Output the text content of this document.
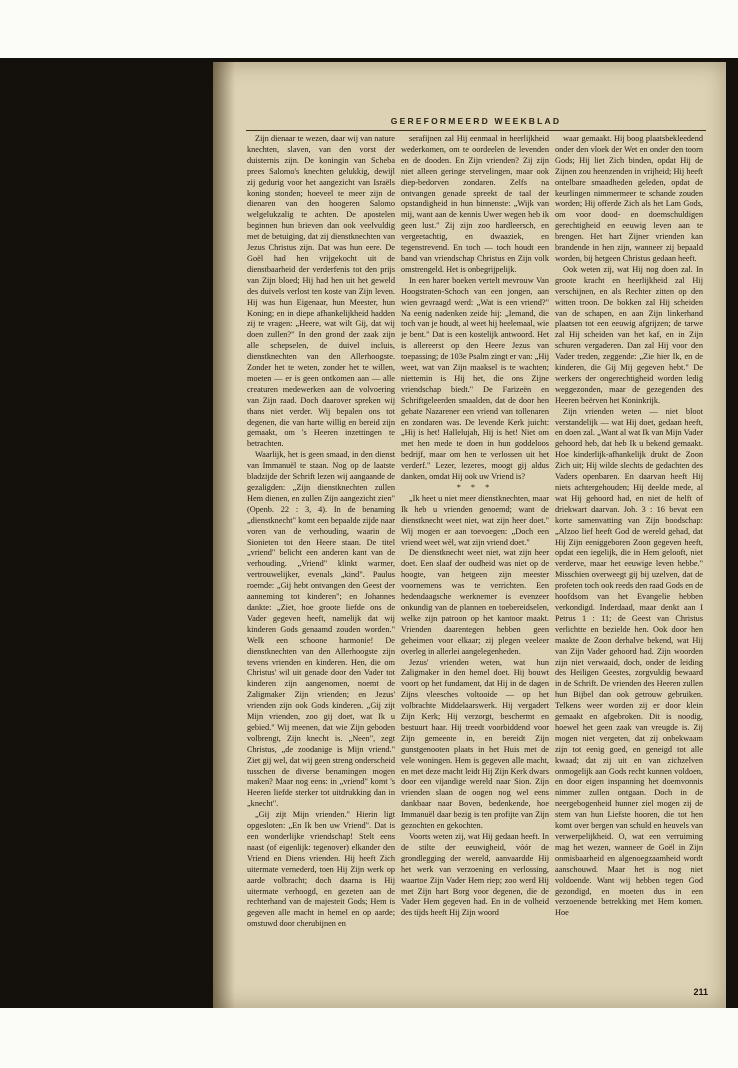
GEREFORMEERD WEEKBLAD

Zijn dienaar te wezen, daar wij van nature knechten, slaven, van den vorst der duisternis zijn. De koningin van Scheba prees Salomo's knechten gelukkig, dewijl zij gedurig voor het aangezicht van Israëls koning stonden; hoeveel te meer zijn de dienaren van den hoogeren Salomo welgelukzalig te achten. De apostelen beginnen hun brieven dan ook veelvuldig met de betuiging, dat zij dienstknechten van Jezus Christus zijn. Dat was hun eere. De Goël had hen vrijgekocht uit de dienstbaarheid der verderfenis tot den prijs van Zijn bloed; Hij had hen uit het geweld des duivels verlost ten koste van Zijn leven. Hij was hun Eigenaar, hun Meester, hun Koning; en in diepe afhankelijkheid hadden zij te vragen: „Heere, wat wilt Gij, dat wij doen zullen?" In den grond der zaak zijn alle schepselen, de duivel incluis, dienstknechten van den Allerhoogste. Zonder het te weten, zonder het te willen, moeten — er is geen ontkomen aan — alle creaturen medewerken aan de volvoering van Zijn raad. Doch daarover spreken wij thans niet verder. Wij bepalen ons tot degenen, die van harte willig en bereid zijn gemaakt, om 's Heeren inzettingen te betrachten.

Waarlijk, het is geen smaad, in den dienst van Immanuël te staan. Nog op de laatste bladzijde der Schrift lezen wij aangaande de gezaligden: „Zijn dienstknechten zullen Hem dienen, en zullen Zijn aangezicht zien" (Openb. 22 : 3, 4). In de benaming „dienstknecht" komt een bepaalde zijde naar voren van de verhouding, waarin de Sionieten tot den Heere staan. De titel „vriend" belicht een anderen kant van de verhouding. „Vriend" klinkt warmer, vertrouwelijker, evenals „kind". Paulus roemde: „Gij hebt ontvangen den Geest der aanneming tot kinderen"; en Johannes dankte: „Ziet, hoe groote liefde ons de Vader gegeven heeft, namelijk dat wij kinderen Gods genaamd zouden worden." Welk een schoone harmonie! De dienstknechten van den Allerhoogste zijn tevens vrienden en kinderen. Hen, die om Christus' wil uit genade door den Vader tot kinderen zijn aangenomen, noemt de Zaligmaker Zijn vrienden; en Jezus' vrienden zijn ook Gods kinderen. „Gij zijt Mijn vrienden, zoo gij doet, wat Ik u gebied." Wij meenen, dat wie Zijn geboden volbrengt, Zijn knecht is. „Neen", zegt Christus, „de zoodanige is Mijn vriend." Ziet gij wel, dat wij geen streng onderscheid tusschen de diverse benamingen mogen maken? Maar nog eens: in „vriend" komt 's Heeren liefde sterker tot uitdrukking dan in „knecht".

„Gij zijt Mijn vrienden." Hierin ligt opgesloten: „En Ik ben uw Vriend". Dat is een wonderlijke vriendschap! Stelt eens naast (of eigenlijk: tegenover) elkander den Vriend en Diens vrienden. Hij heeft Zich uitermate vernederd, toen Hij Zijn werk op aarde volbracht; doch daarna is Hij uitermate verhoogd, en gezeten aan de rechterhand van de majesteit Gods; Hem is gegeven alle macht in hemel en op aarde; omstuwd door cherubijnen en

serafijnen zal Hij eenmaal in heerlijkheid wederkomen, om te oordeelen de levenden en de dooden. En Zijn vrienden? Zij zijn niet alleen geringe stervelingen, maar ook diep-bedorven zondaren. Zelfs na ontvangen genade spreekt de taal der opstandigheid in hun binnenste: „Wijk van mij, want aan de kennis Uwer wegen heb ik geen lust." Zij zijn zoo hardleersch, en vergeetachtig, en dwaaziek, en tegenstrevend. En toch — toch houdt een band van vriendschap Christus en Zijn volk omstrengeld. Het is onbegrijpelijk.

In een harer boeken vertelt mevrouw Van Hoogstraten-Schoch van een jongen, aan wien gevraagd werd: „Wat is een vriend?" Na eenig nadenken zeide hij: „Iemand, die toch van je houdt, al weet hij heelemaal, wie je bent." Dat is een kostelijk antwoord. Het is allereerst op den Heere Jezus van toepassing; de 103e Psalm zingt er van: „Hij weet, wat van Zijn maaksel is te wachten; niettemin is Hij het, die ons Zijne vriendschap biedt." De Farizeën en Schriftgeleerden smaalden, dat de door hen gehate Nazarener een vriend van tollenaren en zondaren was. De levende Kerk juicht: „Hij is het! Hallelujah, Hij is het! Niet om met hen mede te doen in hun goddeloos bedrijf, maar om hen te verlossen uit het verderf." Lezer, lezeres, moogt gij aldus danken, omdat Hij ook uw Vriend is?

* * *

„Ik heet u niet meer dienstknechten, maar Ik heb u vrienden genoemd; want de dienstknecht weet niet, wat zijn heer doet." Wij mogen er aan toevoegen: „Doch een vriend weet wèl, wat zijn vriend doet."

De dienstknecht weet niet, wat zijn heer doet. Een slaaf der oudheid was niet op de hoogte, van hetgeen zijn meester voornemens was te verrichten. Een hedendaagsche werknemer is evenzeer onkundig van de plannen en toebereidselen, welke zijn patroon op het kantoor maakt. Vrienden daarentegen hebben geen geheimen voor elkaar; zij plegen veeleer overleg in allerlei aangelegenheden.

Jezus' vrienden weten, wat hun Zaligmaker in den hemel doet. Hij bouwt voort op het fundament, dat Hij in de dagen Zijns vleesches voltooide — op het volbrachte Middelaarswerk. Hij vergadert Zijn Kerk; Hij verzorgt, beschermt en bestuurt haar. Hij treedt voorbiddend voor Zijn gemeente in, en bereidt Zijn gunstgenooten plaats in het Huis met de vele woningen. Hem is gegeven alle macht, en met deze macht leidt Hij Zijn Kerk dwars door een vijandige wereld naar Sion. Zijn vrienden slaan de oogen nog wel eens dankbaar naar Boven, bedenkende, hoe Immanuël daar bezig is ten profijte van Zijn gezochten en gekochten.

Voorts weten zij, wat Hij gedaan heeft. In de stilte der eeuwigheid, vóór de grondlegging der wereld, aanvaardde Hij het werk van verzoening en verlossing, waartoe Zijn Vader Hem riep; zoo werd Hij met Zijn hart Borg voor degenen, die de Vader Hem gegeven had. En in de volheid des tijds heeft Hij Zijn woord

waar gemaakt. Hij boog plaatsbekleedend onder den vloek der Wet en onder den toorn Gods; Hij liet Zich binden, opdat Hij de Zijnen zou heenzenden in vrijheid; Hij heeft ontelbare smaadheden geleden, opdat de keurlingen nimmermeer te schande zouden worden; Hij offerde Zich als het Lam Gods, om voor dood- en doemschuldigen gerechtigheid en eeuwig leven aan te brengen. Het hart Zijner vrienden kan brandende in hen zijn, wanneer zij bepaald worden, bij hetgeen Christus gedaan heeft.

Ook weten zij, wat Hij nog doen zal. In groote kracht en heerlijkheid zal Hij verschijnen, en als Rechter zitten op den witten troon. De bokken zal Hij scheiden van de schapen, en aan Zijn linkerhand plaatsen tot een eeuwig afgrijzen; de tarwe zal Hij scheiden van het kaf, en in Zijn schuren vergaderen. Dan zal Hij voor den Vader treden, zeggende: „Zie hier Ik, en de kinderen, die Gij Mij gegeven hebt." De werkers der ongerechtigheid worden ledig weggezonden, maar de gezegenden des Heeren beërven het Koninkrijk.

Zijn vrienden weten — niet bloot verstandelijk — wat Hij doet, gedaan heeft, en doen zal. „Want al wat Ik van Mijn Vader gehoord heb, dat heb Ik u bekend gemaakt. Hoe kinderlijk-afhankelijk drukt de Zoon Zich uit; Hij wilde slechts de gedachten des Vaders openbaren. En daarvan heeft Hij niets achtergehouden; Hij deelde mede, al wat Hij gehoord had, en niet de helft of driekwart daarvan. Joh. 3 : 16 bevat een korte samenvatting van Zijn boodschap: „Alzoo lief heeft God de wereld gehad, dat Hij Zijn eeniggeboren Zoon gegeven heeft, opdat een iegelijk, die in Hem gelooft, niet verderve, maar het eeuwige leven hebbe." Misschien overweegt gij bij uzelven, dat de profeten toch ook reeds den raad Gods en de hoofdsom van het Evangelie hebben verkondigd. Inderdaad, maar denkt aan I Petrus 1 : 11; de Geest van Christus verlichtte en bezielde hen. Ook door hen maakte de Zoon derhalve bekend, wat Hij van Zijn Vader gehoord had. Zijn woorden zijn niet verwaaid, doch, onder de leiding des Heiligen Geestes, zorgvuldig bewaard in de Schrift. De vrienden des Heeren zullen hun Bijbel dan ook getrouw gebruiken. Telkens weer worden zij er door klein gemaakt en afgebroken. Dit is noodig, hoewel het geen zaak van vreugde is. Zij mogen niet vergeten, dat zij onbekwaam zijn tot eenig goed, en geneigd tot alle kwaad; dat zij uit en van zichzelven onmogelijk aan Gods recht kunnen voldoen, en door eigen inspanning het doemvonnis nimmer zullen ontgaan. Doch in de neergebogenheid hunner ziel mogen zij de stem van hun Liefste hooren, die tot hen komt over bergen van schuld en heuvels van verwerpelijkheid. O, wat een verruiming mag het wezen, wanneer de Goël in Zijn onmisbaarheid en algenoegzaamheid wordt aanschouwd. Maar het is nog niet voldoende. Want wij hebben tegen God gezondigd, en moeten dus in een verzoenende betrekking met Hem komen. Hoe

211
